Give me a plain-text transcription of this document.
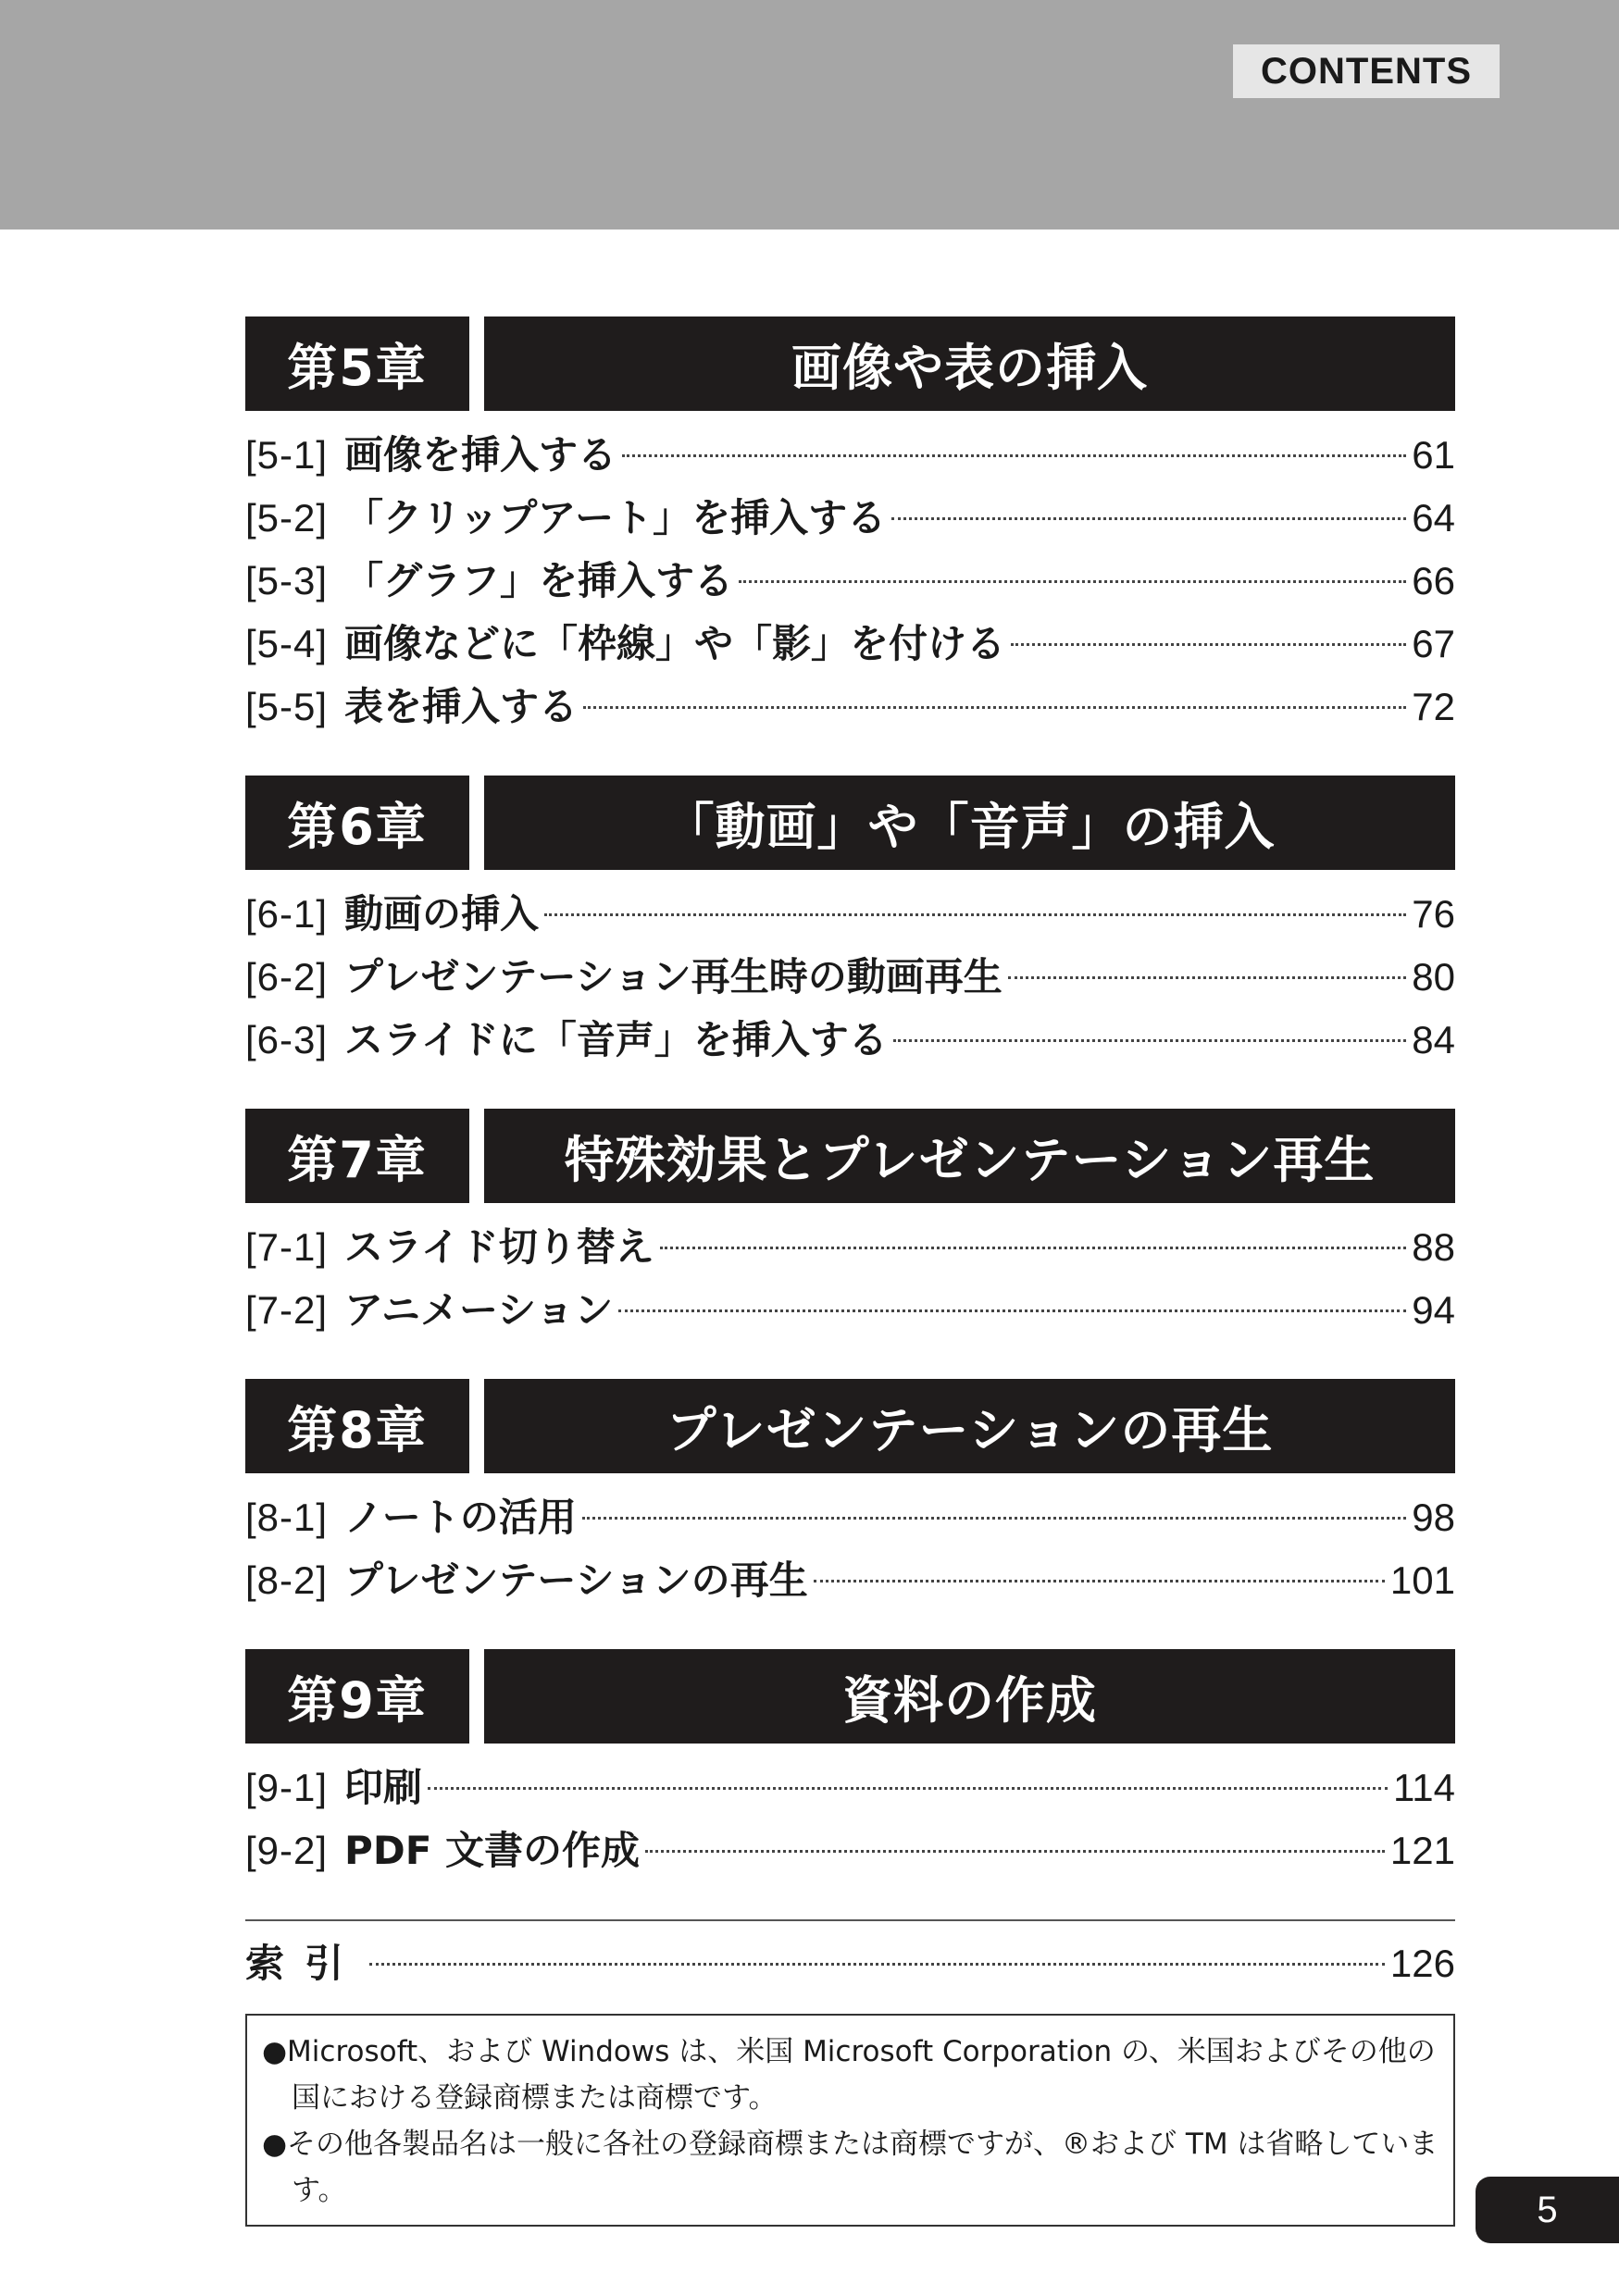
CONTENTS
第5章	画像や表の挿入
[5-1] 画像を挿入する	61
[5-2] 「クリップアート」を挿入する	64
[5-3] 「グラフ」を挿入する	66
[5-4] 画像などに「枠線」や「影」を付ける	67
[5-5] 表を挿入する	72
第6章	「動画」や「音声」の挿入
[6-1] 動画の挿入	76
[6-2] プレゼンテーション再生時の動画再生	80
[6-3] スライドに「音声」を挿入する	84
第7章	特殊効果とプレゼンテーション再生
[7-1] スライド切り替え	88
[7-2] アニメーション	94
第8章	プレゼンテーションの再生
[8-1] ノートの活用	98
[8-2] プレゼンテーションの再生	101
第9章	資料の作成
[9-1] 印刷	114
[9-2] PDF 文書の作成	121
索引	126
●Microsoft、および Windows は、米国 Microsoft Corporation の、米国およびその他の国における登録商標または商標です。
●その他各製品名は一般に各社の登録商標または商標ですが、®および TM は省略しています。	5
